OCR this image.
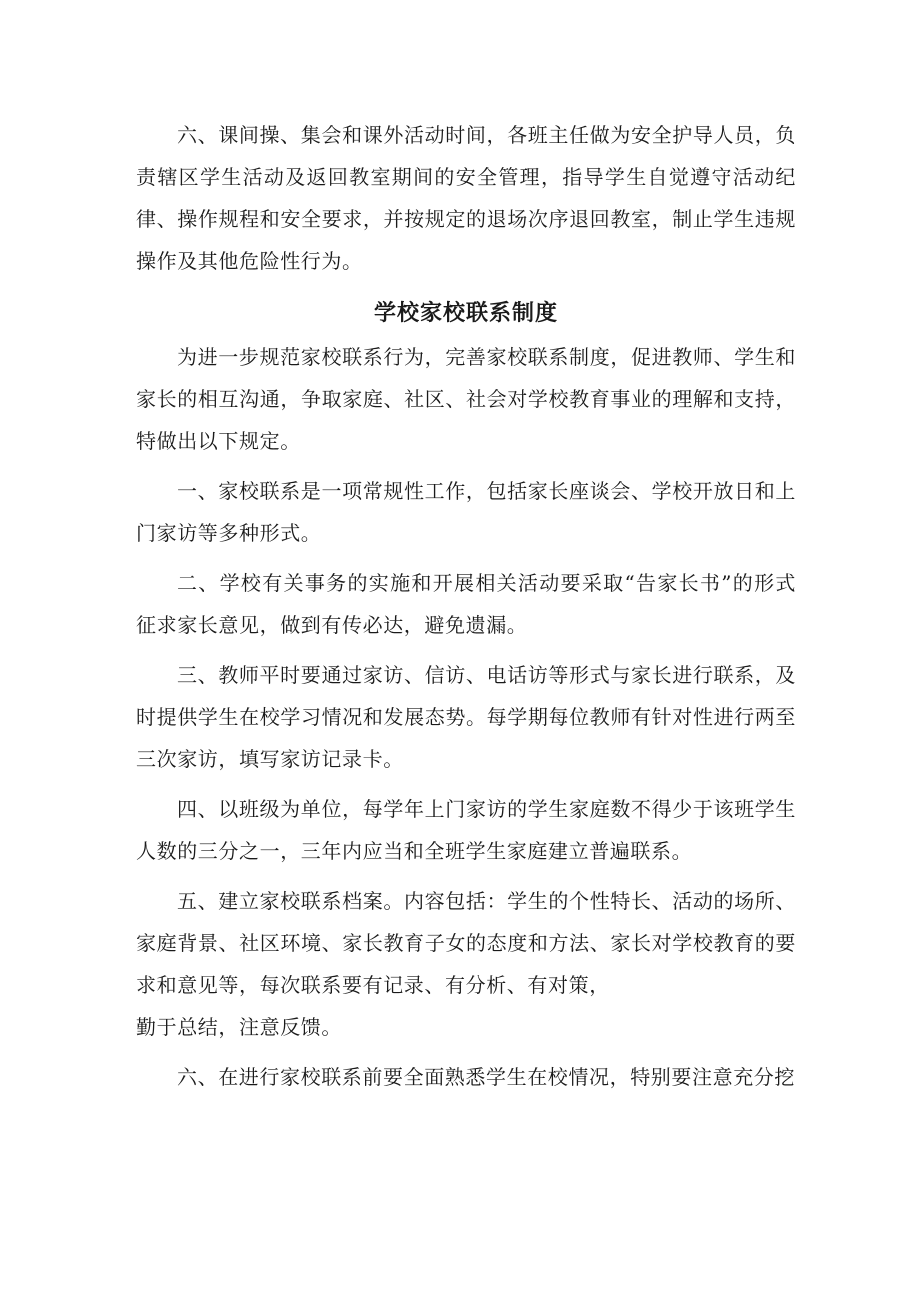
六、课间操、集会和课外活动时间，各班主任做为安全护导人员，负责辖区学生活动及返回教室期间的安全管理，指导学生自觉遵守活动纪律、操作规程和安全要求，并按规定的退场次序退回教室，制止学生违规操作及其他危险性行为。

学校家校联系制度

为进一步规范家校联系行为，完善家校联系制度，促进教师、学生和家长的相互沟通，争取家庭、社区、社会对学校教育事业的理解和支持，特做出以下规定。

一、家校联系是一项常规性工作，包括家长座谈会、学校开放日和上门家访等多种形式。

二、学校有关事务的实施和开展相关活动要采取“告家长书”的形式征求家长意见，做到有传必达，避免遗漏。

三、教师平时要通过家访、信访、电话访等形式与家长进行联系，及时提供学生在校学习情况和发展态势。每学期每位教师有针对性进行两至三次家访，填写家访记录卡。

四、以班级为单位，每学年上门家访的学生家庭数不得少于该班学生人数的三分之一，三年内应当和全班学生家庭建立普遍联系。

五、建立家校联系档案。内容包括：学生的个性特长、活动的场所、家庭背景、社区环境、家长教育子女的态度和方法、家长对学校教育的要求和意见等，每次联系要有记录、有分析、有对策，

勤于总结，注意反馈。

六、在进行家校联系前要全面熟悉学生在校情况，特别要注意充分挖
